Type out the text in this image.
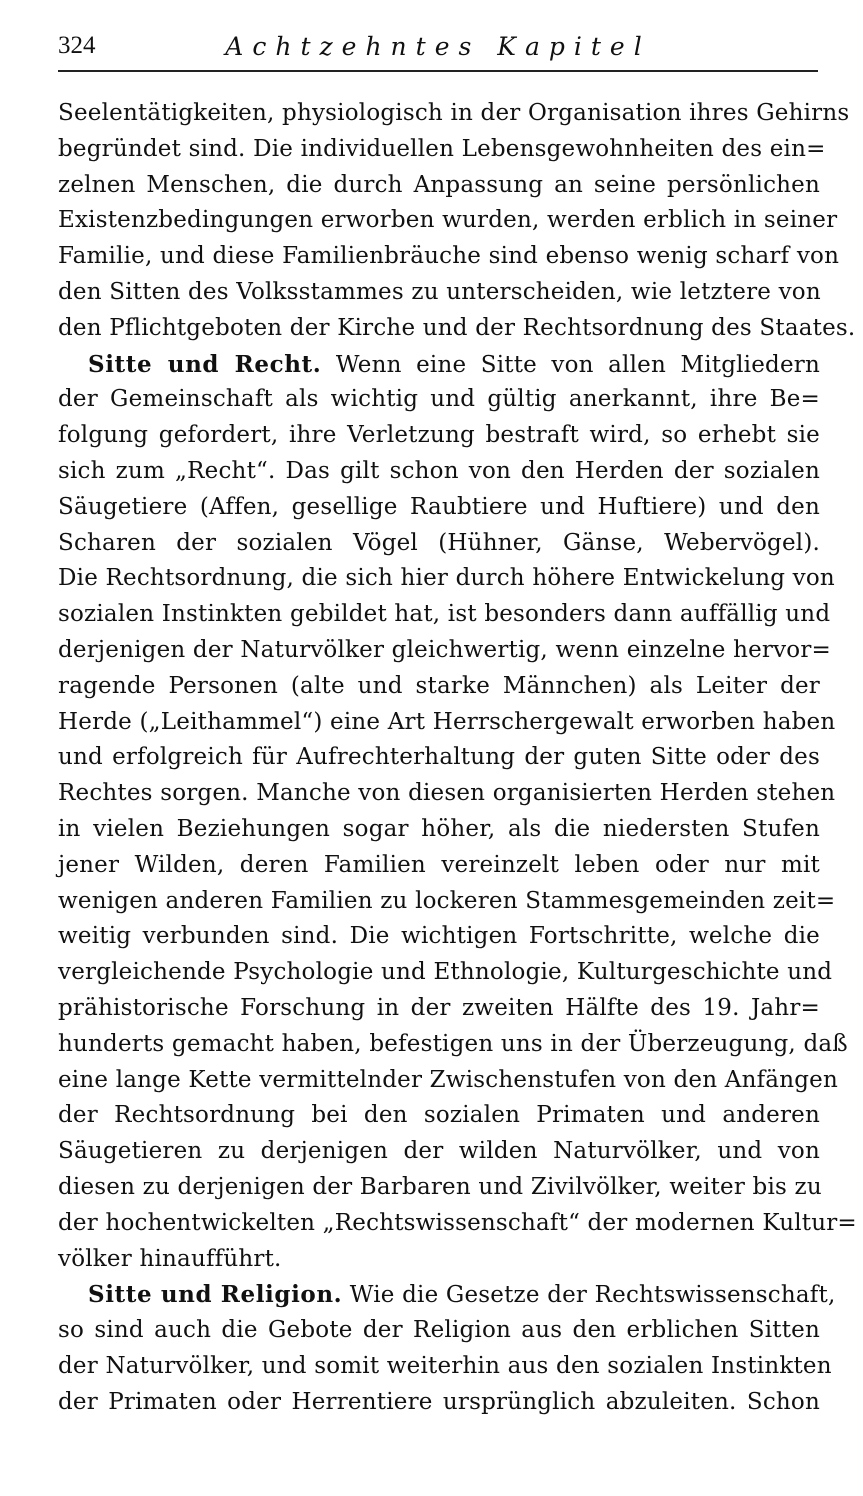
324	Achtzehntes Kapitel
Seelentätigkeiten, physiologisch in der Organisation ihres Gehirns
begründet sind. Die individuellen Lebensgewohnheiten des ein=
zelnen Menschen, die durch Anpassung an seine persönlichen
Existenzbedingungen erworben wurden, werden erblich in seiner
Familie, und diese Familienbräuche sind ebenso wenig scharf von
den Sitten des Volksstammes zu unterscheiden, wie letztere von
den Pflichtgeboten der Kirche und der Rechtsordnung des Staates.
Sitte und Recht. Wenn eine Sitte von allen Mitgliedern
der Gemeinschaft als wichtig und gültig anerkannt, ihre Be=
folgung gefordert, ihre Verletzung bestraft wird, so erhebt sie
sich zum „Recht“. Das gilt schon von den Herden der sozialen
Säugetiere (Affen, gesellige Raubtiere und Huftiere) und den
Scharen der sozialen Vögel (Hühner, Gänse, Webervögel).
Die Rechtsordnung, die sich hier durch höhere Entwickelung von
sozialen Instinkten gebildet hat, ist besonders dann auffällig und
derjenigen der Naturvölker gleichwertig, wenn einzelne hervor=
ragende Personen (alte und starke Männchen) als Leiter der
Herde („Leithammel“) eine Art Herrschergewalt erworben haben
und erfolgreich für Aufrechterhaltung der guten Sitte oder des
Rechtes sorgen. Manche von diesen organisierten Herden stehen
in vielen Beziehungen sogar höher, als die niedersten Stufen
jener Wilden, deren Familien vereinzelt leben oder nur mit
wenigen anderen Familien zu lockeren Stammesgemeinden zeit=
weitig verbunden sind. Die wichtigen Fortschritte, welche die
vergleichende Psychologie und Ethnologie, Kulturgeschichte und
prähistorische Forschung in der zweiten Hälfte des 19. Jahr=
hunderts gemacht haben, befestigen uns in der Überzeugung, daß
eine lange Kette vermittelnder Zwischenstufen von den Anfängen
der Rechtsordnung bei den sozialen Primaten und anderen
Säugetieren zu derjenigen der wilden Naturvölker, und von
diesen zu derjenigen der Barbaren und Zivilvölker, weiter bis zu
der hochentwickelten „Rechtswissenschaft“ der modernen Kultur=
völker hinaufführt.
Sitte und Religion. Wie die Gesetze der Rechtswissenschaft,
so sind auch die Gebote der Religion aus den erblichen Sitten
der Naturvölker, und somit weiterhin aus den sozialen Instinkten
der Primaten oder Herrentiere ursprünglich abzuleiten. Schon
